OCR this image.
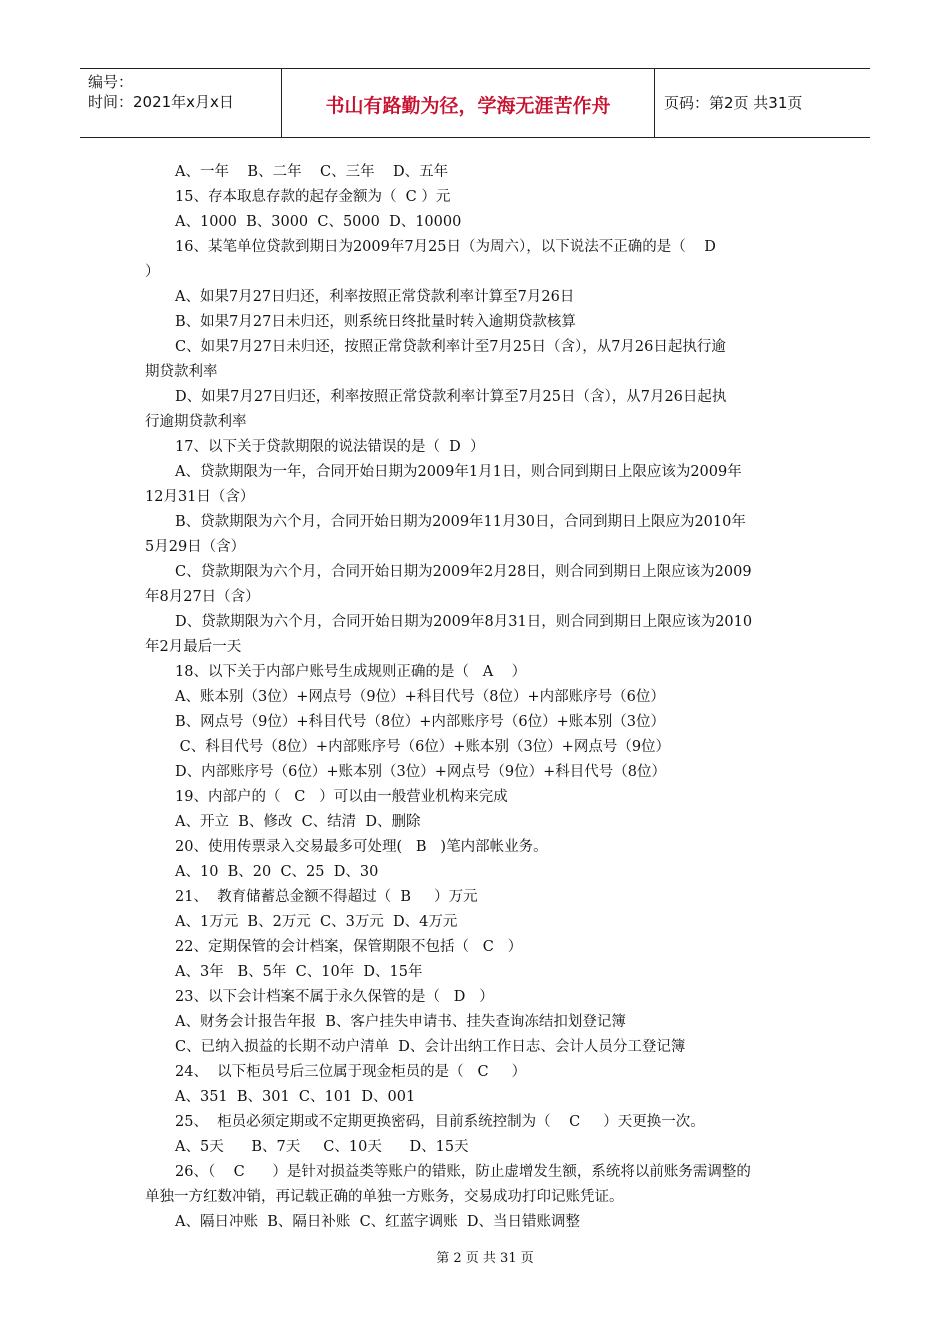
编号：
时间：2021年x月x日	书山有路勤为径，学海无涯苦作舟	页码：第2页 共31页
A、一年    B、二年    C、三年    D、五年
15、存本取息存款的起存金额为（  C ）元
A、1000  B、3000  C、5000  D、10000
16、某笔单位贷款到期日为2009年7月25日（为周六），以下说法不正确的是（    D
）
A、如果7月27日归还，利率按照正常贷款利率计算至7月26日
B、如果7月27日未归还，则系统日终批量时转入逾期贷款核算
C、如果7月27日未归还，按照正常贷款利率计至7月25日（含），从7月26日起执行逾
期贷款利率
D、如果7月27日归还，利率按照正常贷款利率计算至7月25日（含），从7月26日起执
行逾期贷款利率
17、以下关于贷款期限的说法错误的是（  D  ）
A、贷款期限为一年，合同开始日期为2009年1月1日，则合同到期日上限应该为2009年
12月31日（含）
B、贷款期限为六个月，合同开始日期为2009年11月30日，合同到期日上限应为2010年
5月29日（含）
C、贷款期限为六个月，合同开始日期为2009年2月28日，则合同到期日上限应该为2009
年8月27日（含）
D、贷款期限为六个月，合同开始日期为2009年8月31日，则合同到期日上限应该为2010
年2月最后一天
18、以下关于内部户账号生成规则正确的是（   A    ）
A、账本别（3位）+网点号（9位）+科目代号（8位）+内部账序号（6位）
B、网点号（9位）+科目代号（8位）+内部账序号（6位）+账本别（3位）
C、科目代号（8位）+内部账序号（6位）+账本别（3位）+网点号（9位）
D、内部账序号（6位）+账本别（3位）+网点号（9位）+科目代号（8位）
19、内部户的（   C   ）可以由一般营业机构来完成
A、开立  B、修改  C、结清  D、删除
20、使用传票录入交易最多可处理(   B   )笔内部帐业务。
A、10  B、20  C、25  D、30
21、  教育储蓄总金额不得超过（  B     ）万元
A、1万元  B、2万元  C、3万元  D、4万元
22、定期保管的会计档案，保管期限不包括（   C   ）
A、3年   B、5年  C、10年  D、15年
23、以下会计档案不属于永久保管的是（   D   ）
A、财务会计报告年报  B、客户挂失申请书、挂失查询冻结扣划登记簿
C、已纳入损益的长期不动户清单  D、会计出纳工作日志、会计人员分工登记簿
24、  以下柜员号后三位属于现金柜员的是（   C     ）
A、351  B、301  C、101  D、001
25、  柜员必须定期或不定期更换密码，目前系统控制为（    C     ）天更换一次。
A、5天      B、7天     C、10天      D、15天
26、（    C      ）是针对损益类等账户的错账，防止虚增发生额，系统将以前账务需调整的
单独一方红数冲销，再记载正确的单独一方账务，交易成功打印记账凭证。
A、隔日冲账  B、隔日补账  C、红蓝字调账  D、当日错账调整
第 2 页 共 31 页
